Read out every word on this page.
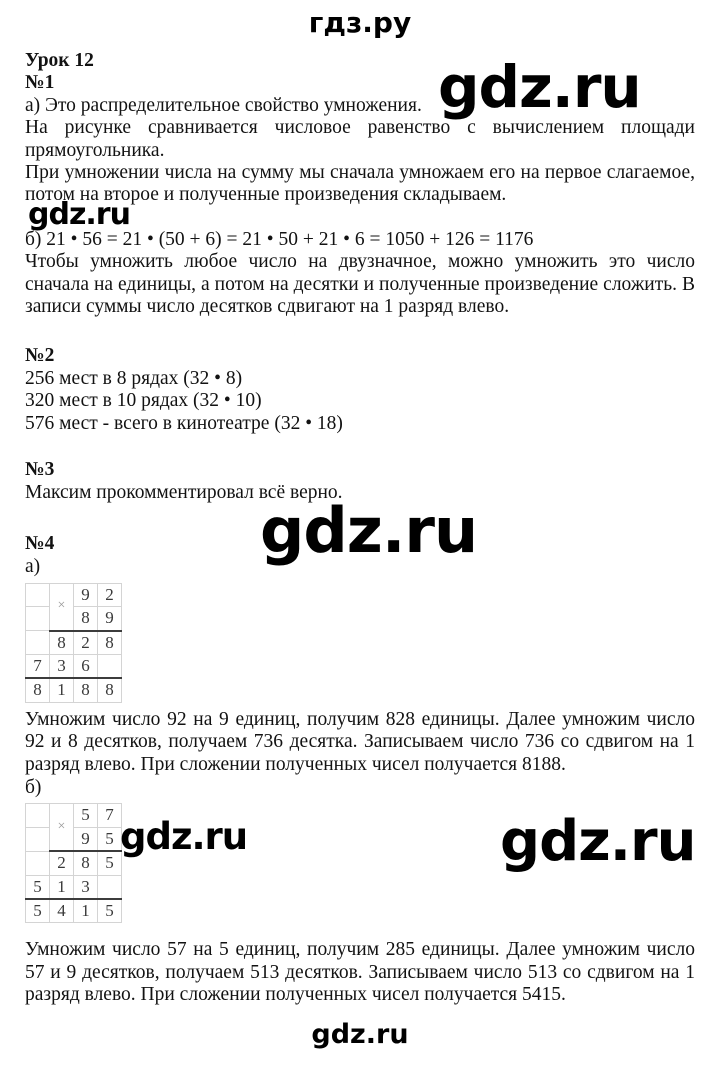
гдз.ру
gdz.ru
gdz.ru
gdz.ru
gdz.ru	gdz.ru
Урок 12
№1
а) Это распределительное свойство умножения.
На рисунке сравнивается числовое равенство с вычислением площади прямоугольника.
При умножении числа на сумму мы сначала умножаем его на первое слагаемое, потом на второе и полученные произведения складываем.
б) 21 • 56 = 21 • (50 + 6) = 21 • 50 + 21 • 6 = 1050 + 126 = 1176
Чтобы умножить любое число на двузначное, можно умножить это число сначала на единицы, а потом на десятки и полученные произведение сложить. В записи суммы число десятков сдвигают на 1 разряд влево.
№2
256 мест в 8 рядах (32 • 8)
320 мест в 10 рядах (32 • 10)
576 мест - всего в кинотеатре (32 • 18)
№3
Максим прокомментировал всё верно.
№4
а)
	×	9	2
		8	9
	8	2	8
7	3	6	
8	1	8	8
Умножим число 92 на 9 единиц, получим 828 единицы. Далее умножим число 92 и 8 десятков, получаем 736 десятка. Записываем число 736 со сдвигом на 1 разряд влево. При сложении полученных чисел получается 8188.
б)
	×	5	7
		9	5
	2	8	5
5	1	3	
5	4	1	5
Умножим число 57 на 5 единиц, получим 285 единицы. Далее умножим число 57 и 9 десятков, получаем 513 десятков. Записываем число 513 со сдвигом на 1 разряд влево. При сложении полученных чисел получается 5415.
gdz.ru
